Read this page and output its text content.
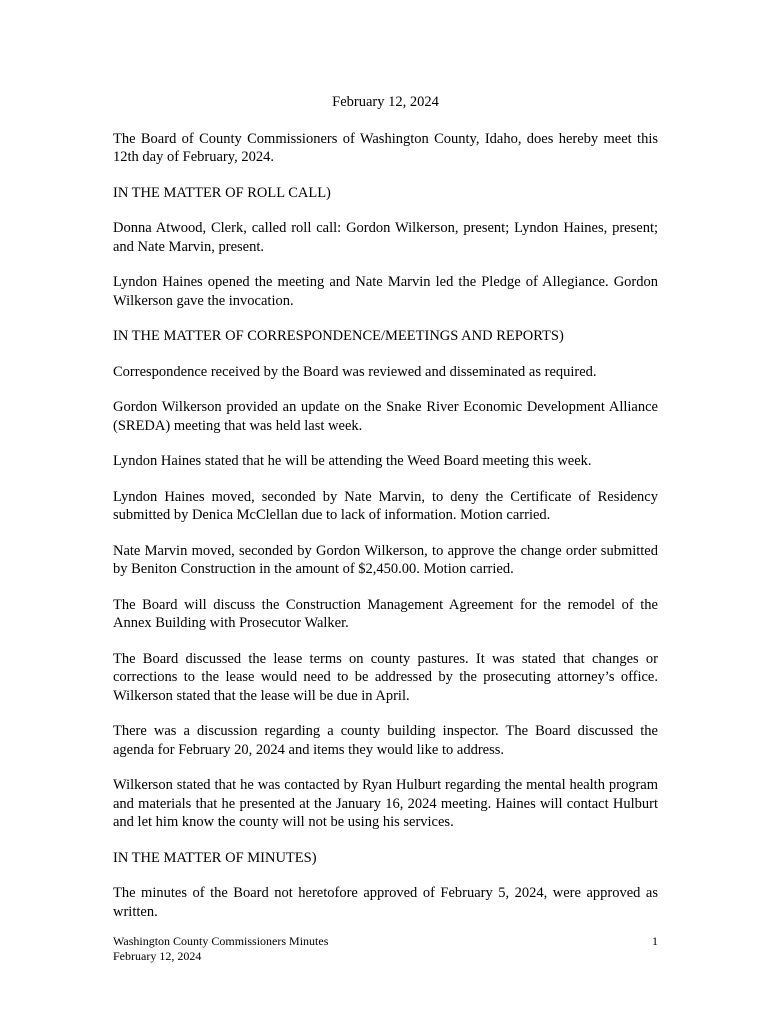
February 12, 2024

The Board of County Commissioners of Washington County, Idaho, does hereby meet this 12th day of February, 2024.

IN THE MATTER OF ROLL CALL)

Donna Atwood, Clerk, called roll call: Gordon Wilkerson, present; Lyndon Haines, present; and Nate Marvin, present.

Lyndon Haines opened the meeting and Nate Marvin led the Pledge of Allegiance. Gordon Wilkerson gave the invocation.

IN THE MATTER OF CORRESPONDENCE/MEETINGS AND REPORTS)

Correspondence received by the Board was reviewed and disseminated as required.

Gordon Wilkerson provided an update on the Snake River Economic Development Alliance (SREDA) meeting that was held last week.

Lyndon Haines stated that he will be attending the Weed Board meeting this week.

Lyndon Haines moved, seconded by Nate Marvin, to deny the Certificate of Residency submitted by Denica McClellan due to lack of information. Motion carried.

Nate Marvin moved, seconded by Gordon Wilkerson, to approve the change order submitted by Beniton Construction in the amount of $2,450.00. Motion carried.

The Board will discuss the Construction Management Agreement for the remodel of the Annex Building with Prosecutor Walker.

The Board discussed the lease terms on county pastures. It was stated that changes or corrections to the lease would need to be addressed by the prosecuting attorney’s office. Wilkerson stated that the lease will be due in April.

There was a discussion regarding a county building inspector. The Board discussed the agenda for February 20, 2024 and items they would like to address.

Wilkerson stated that he was contacted by Ryan Hulburt regarding the mental health program and materials that he presented at the January 16, 2024 meeting. Haines will contact Hulburt and let him know the county will not be using his services.

IN THE MATTER OF MINUTES)

The minutes of the Board not heretofore approved of February 5, 2024, were approved as written.

Washington County Commissioners Minutes
February 12, 2024
1
